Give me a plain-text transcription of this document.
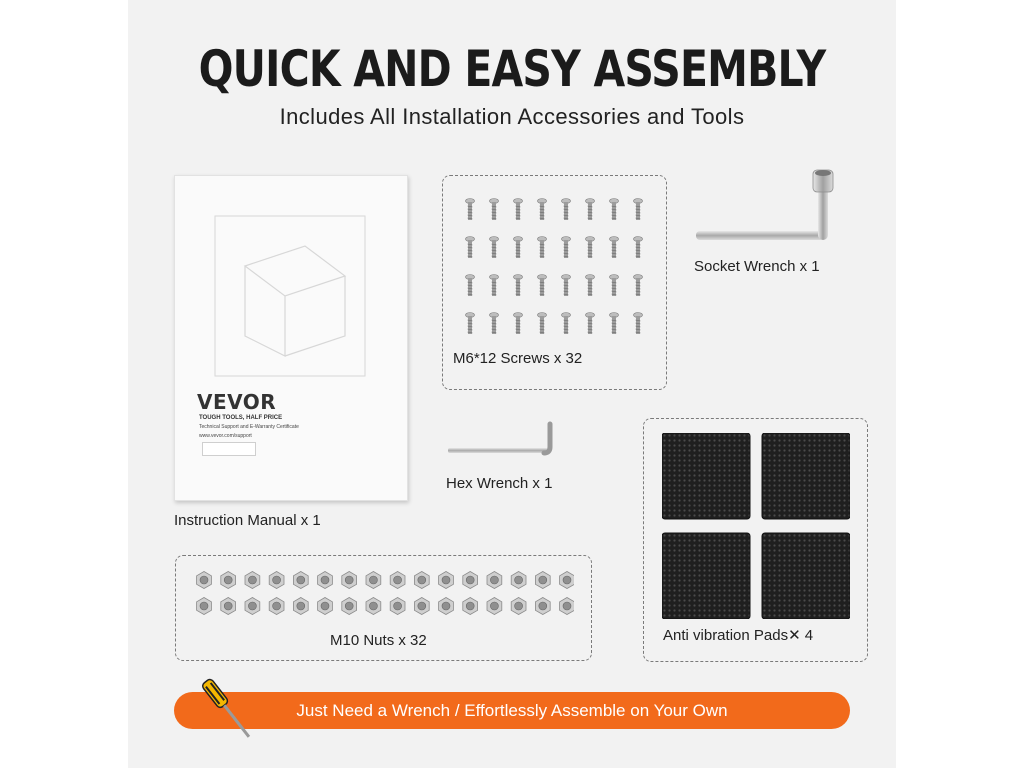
QUICK AND EASY ASSEMBLY
Includes All Installation Accessories and Tools
VEVOR
TOUGH TOOLS, HALF PRICE
Technical Support and E-Warranty Certificate
www.vevor.com/support
Instruction Manual x 1
M6*12 Screws x 32
Socket Wrench x 1
Hex Wrench x 1
M10 Nuts x 32	Anti vibration Pads✕ 4
Just Need a Wrench / Effortlessly Assemble on Your Own
